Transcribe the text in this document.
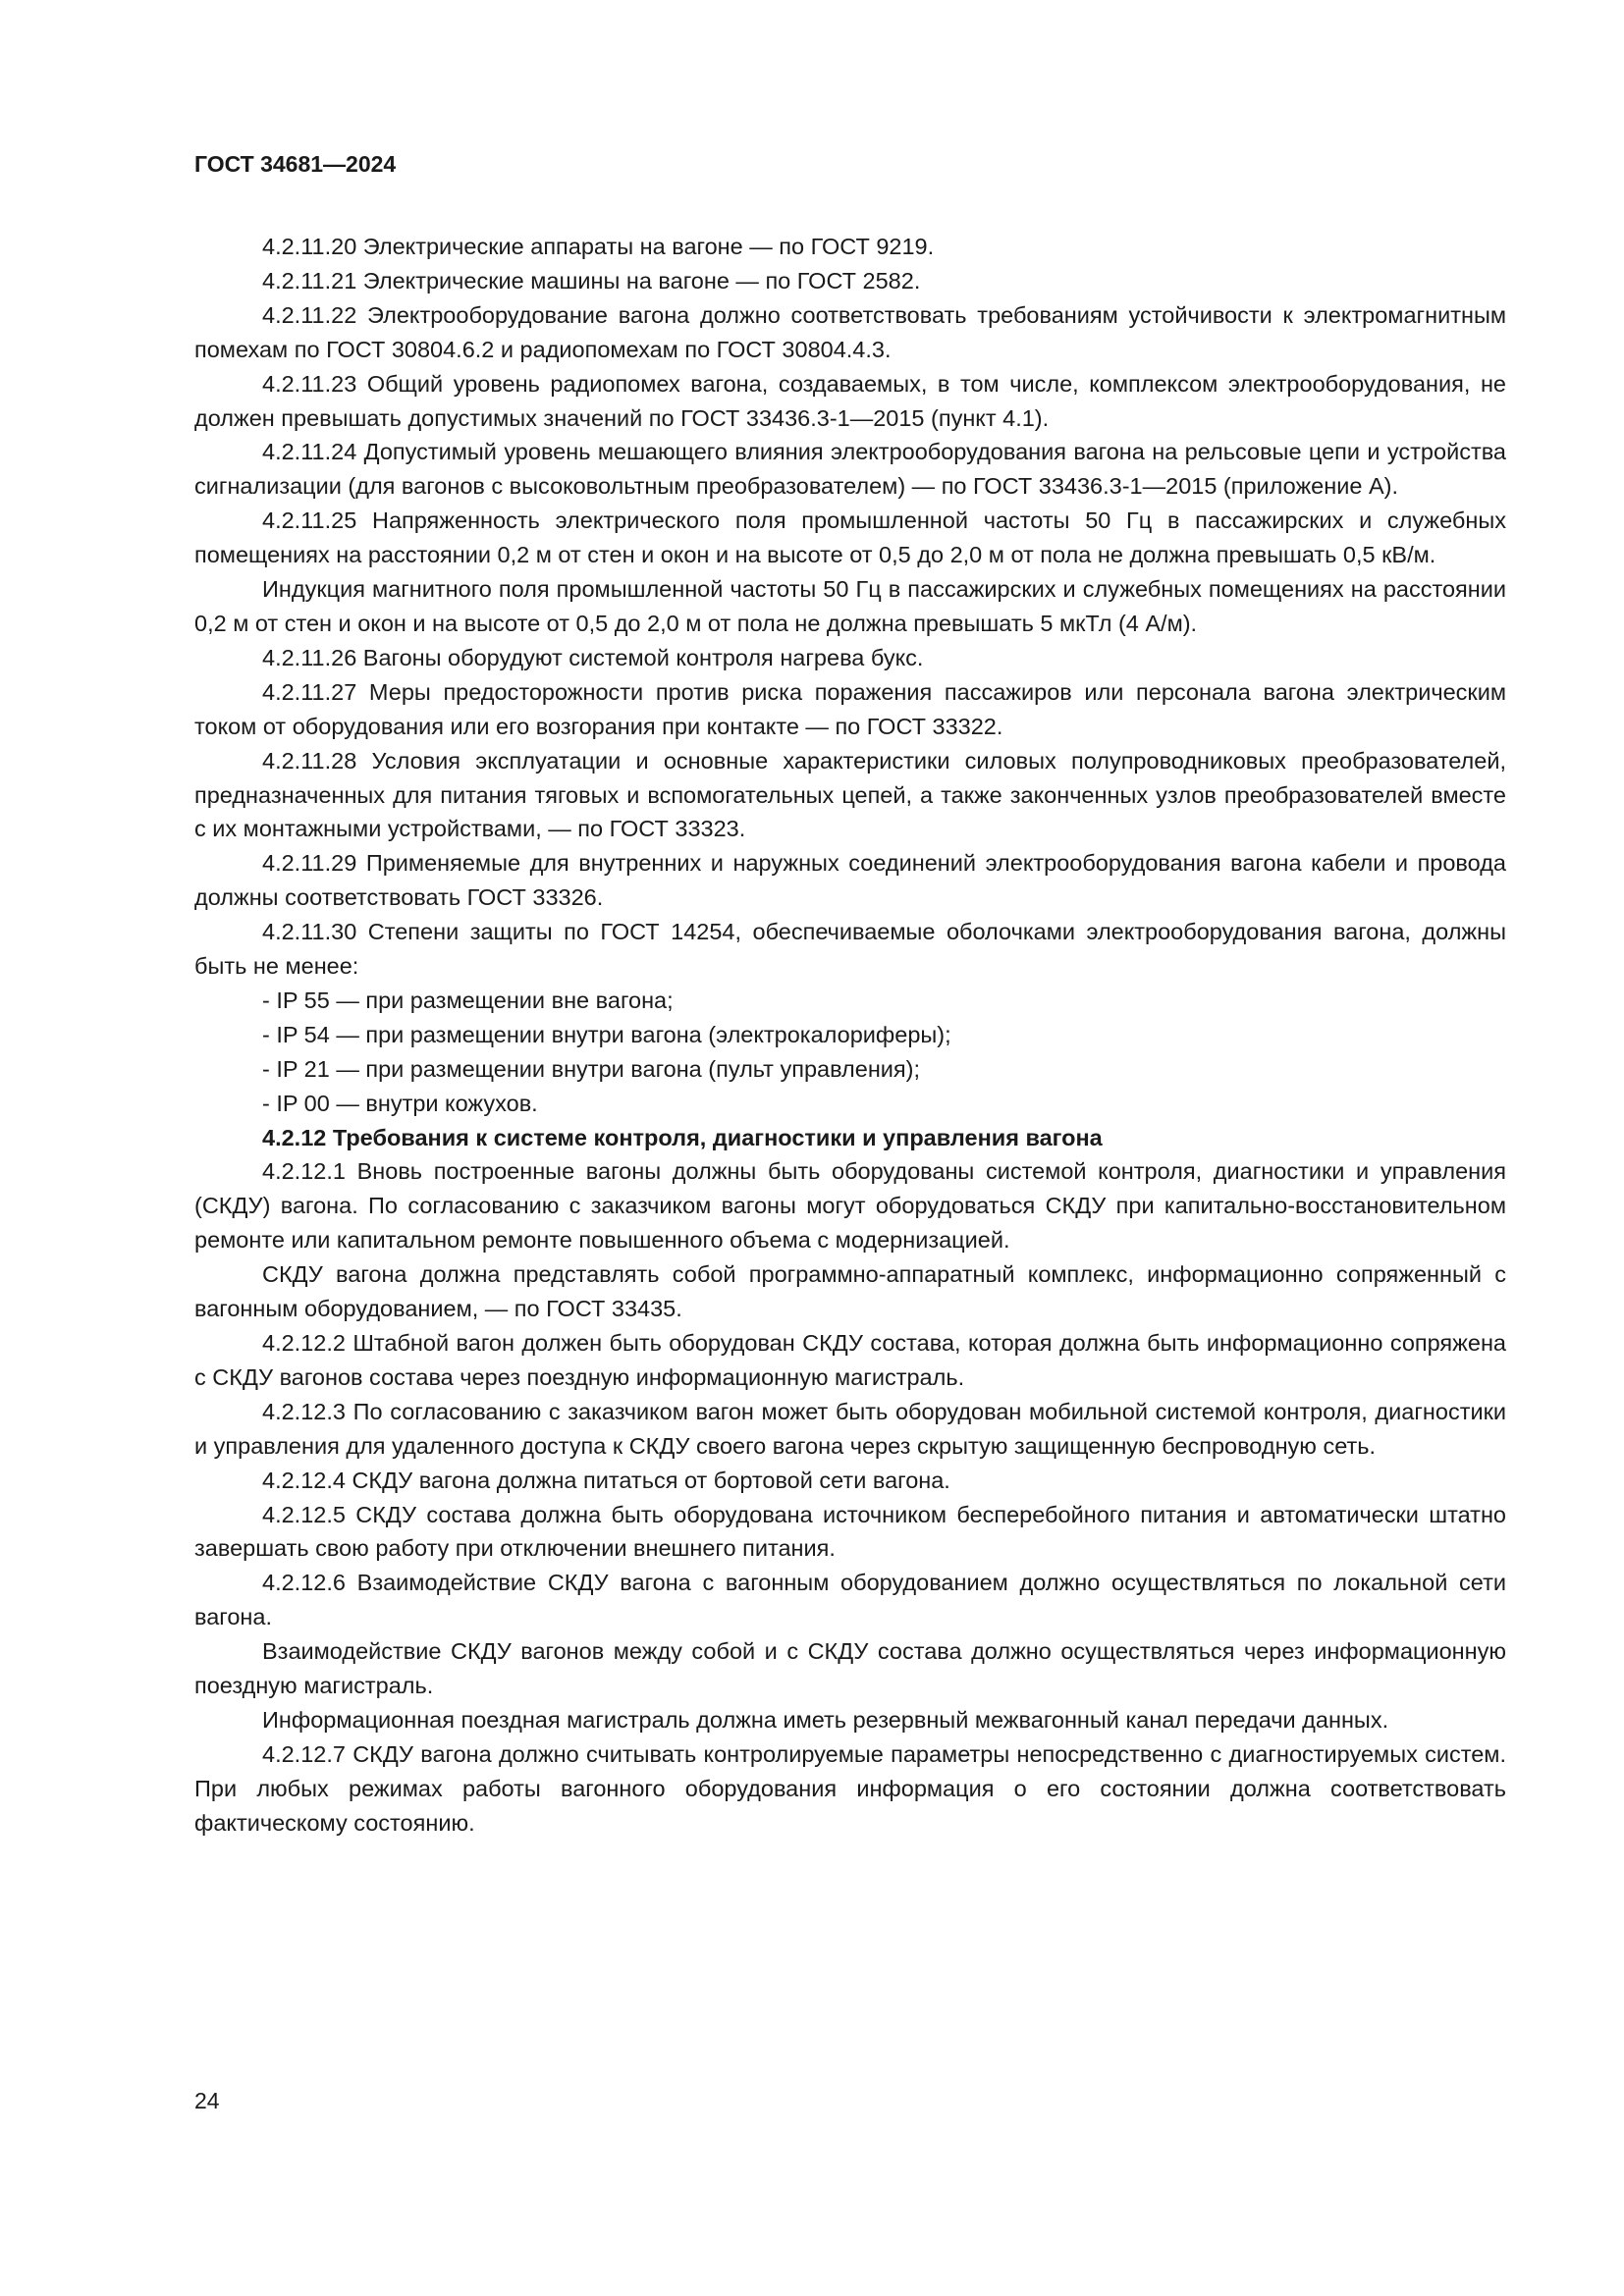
ГОСТ 34681—2024

4.2.11.20 Электрические аппараты на вагоне — по ГОСТ 9219.

4.2.11.21 Электрические машины на вагоне — по ГОСТ 2582.

4.2.11.22 Электрооборудование вагона должно соответствовать требованиям устойчивости к электромагнитным помехам по ГОСТ 30804.6.2 и радиопомехам по ГОСТ 30804.4.3.

4.2.11.23 Общий уровень радиопомех вагона, создаваемых, в том числе, комплексом электрооборудования, не должен превышать допустимых значений по ГОСТ 33436.3-1—2015 (пункт 4.1).

4.2.11.24 Допустимый уровень мешающего влияния электрооборудования вагона на рельсовые цепи и устройства сигнализации (для вагонов с высоковольтным преобразователем) — по ГОСТ 33436.3-1—2015 (приложение А).

4.2.11.25 Напряженность электрического поля промышленной частоты 50 Гц в пассажирских и служебных помещениях на расстоянии 0,2 м от стен и окон и на высоте от 0,5 до 2,0 м от пола не должна превышать 0,5 кВ/м.

Индукция магнитного поля промышленной частоты 50 Гц в пассажирских и служебных помещениях на расстоянии 0,2 м от стен и окон и на высоте от 0,5 до 2,0 м от пола не должна превышать 5 мкТл (4 А/м).

4.2.11.26 Вагоны оборудуют системой контроля нагрева букс.

4.2.11.27 Меры предосторожности против риска поражения пассажиров или персонала вагона электрическим током от оборудования или его возгорания при контакте — по ГОСТ 33322.

4.2.11.28 Условия эксплуатации и основные характеристики силовых полупроводниковых преобразователей, предназначенных для питания тяговых и вспомогательных цепей, а также законченных узлов преобразователей вместе с их монтажными устройствами, — по ГОСТ 33323.

4.2.11.29 Применяемые для внутренних и наружных соединений электрооборудования вагона кабели и провода должны соответствовать ГОСТ 33326.

4.2.11.30 Степени защиты по ГОСТ 14254, обеспечиваемые оболочками электрооборудования вагона, должны быть не менее:

- IP 55 — при размещении вне вагона;

- IP 54 — при размещении внутри вагона (электрокалориферы);

- IP 21 — при размещении внутри вагона (пульт управления);

- IP 00 — внутри кожухов.

4.2.12 Требования к системе контроля, диагностики и управления вагона

4.2.12.1 Вновь построенные вагоны должны быть оборудованы системой контроля, диагностики и управления (СКДУ) вагона. По согласованию с заказчиком вагоны могут оборудоваться СКДУ при капитально-восстановительном ремонте или капитальном ремонте повышенного объема с модернизацией.

СКДУ вагона должна представлять собой программно-аппаратный комплекс, информационно сопряженный с вагонным оборудованием, — по ГОСТ 33435.

4.2.12.2 Штабной вагон должен быть оборудован СКДУ состава, которая должна быть информационно сопряжена с СКДУ вагонов состава через поездную информационную магистраль.

4.2.12.3 По согласованию с заказчиком вагон может быть оборудован мобильной системой контроля, диагностики и управления для удаленного доступа к СКДУ своего вагона через скрытую защищенную беспроводную сеть.

4.2.12.4 СКДУ вагона должна питаться от бортовой сети вагона.

4.2.12.5 СКДУ состава должна быть оборудована источником бесперебойного питания и автоматически штатно завершать свою работу при отключении внешнего питания.

4.2.12.6 Взаимодействие СКДУ вагона с вагонным оборудованием должно осуществляться по локальной сети вагона.

Взаимодействие СКДУ вагонов между собой и с СКДУ состава должно осуществляться через информационную поездную магистраль.

Информационная поездная магистраль должна иметь резервный межвагонный канал передачи данных.

4.2.12.7 СКДУ вагона должно считывать контролируемые параметры непосредственно с диагностируемых систем. При любых режимах работы вагонного оборудования информация о его состоянии должна соответствовать фактическому состоянию.

24
